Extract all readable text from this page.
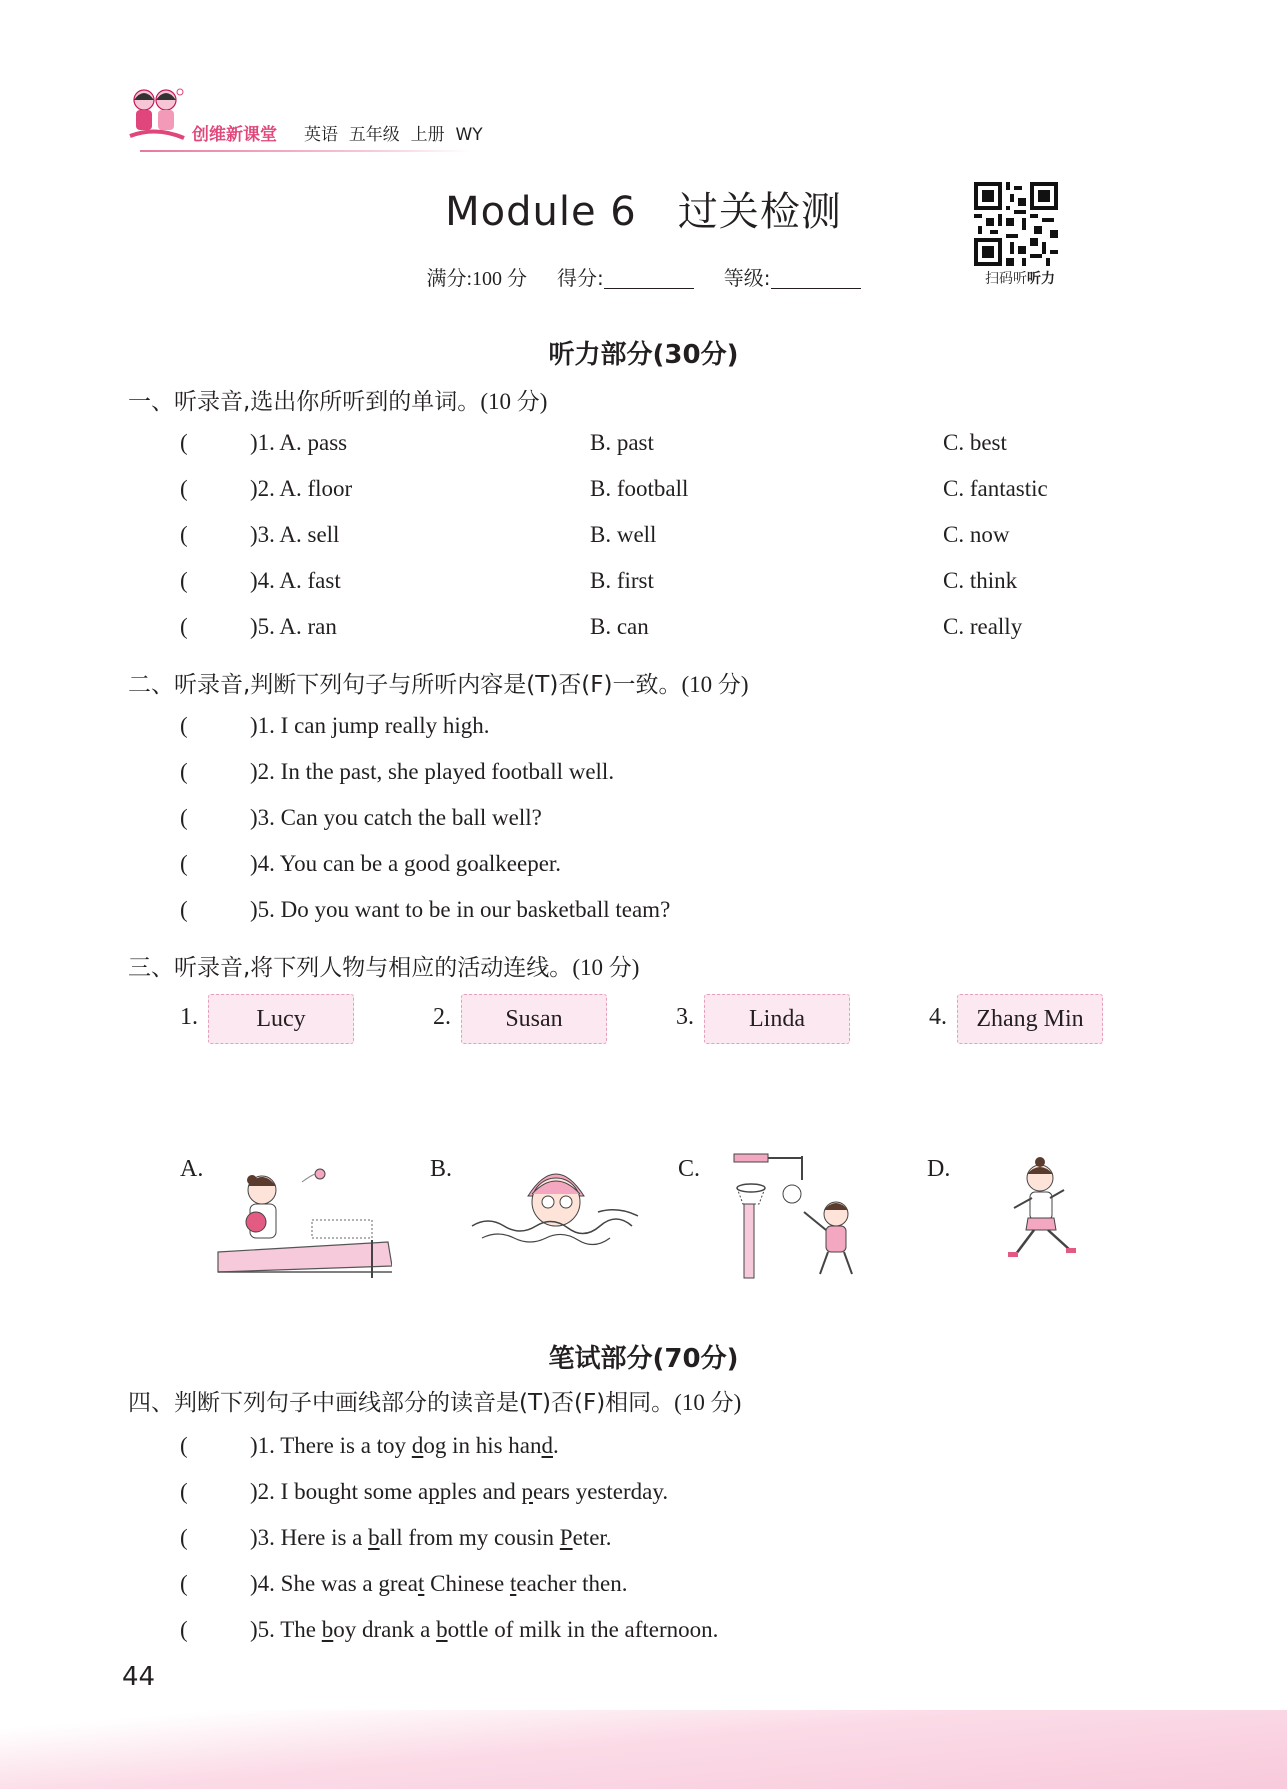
创维新课堂 英语 五年级 上册 WY
Module 6   过关检测
满分:100 分 得分:	等级:	扫码听听力
听力部分(30分)
一、听录音,选出你所听到的单词。(10 分)
(	)1. A. pass	B. past	C. best
(	)2. A. floor	B. football	C. fantastic
(	)3. A. sell	B. well	C. now
(	)4. A. fast	B. first	C. think
(	)5. A. ran	B. can	C. really
二、听录音,判断下列句子与所听内容是(T)否(F)一致。(10 分)
(	)1. I can jump really high.
(	)2. In the past, she played football well.
(	)3. Can you catch the ball well?
(	)4. You can be a good goalkeeper.
(	)5. Do you want to be in our basketball team?
三、听录音,将下列人物与相应的活动连线。(10 分)
1.	Lucy	2.	Susan	3.	Linda	4.	Zhang Min
A.	B.	C.	D.
笔试部分(70分)
四、判断下列句子中画线部分的读音是(T)否(F)相同。(10 分)
(	)1. There is a toy dog in his hand.
(	)2. I bought some apples and pears yesterday.
(	)3. Here is a ball from my cousin Peter.
(	)4. She was a great Chinese teacher then.
(	)5. The boy drank a bottle of milk in the afternoon.
44
